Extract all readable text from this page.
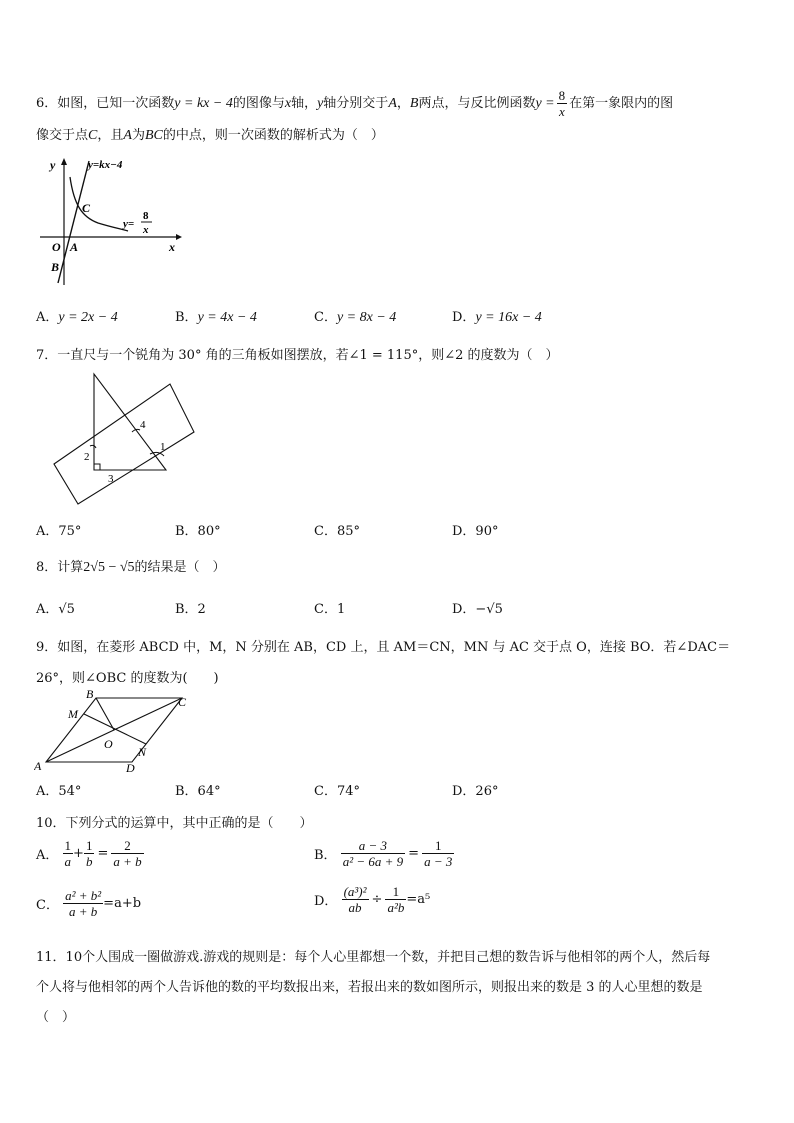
6．如图，已知一次函数y = kx − 4的图像与x轴，y轴分别交于A，B两点，与反比例函数$y = \frac{8}{x}$ 在第一象限内的图
像交于点C，且A为BC的中点，则一次函数的解析式为（　）
y	y=kx−4
C
y=
8
x
x
O A
B
A．y = 2x − 4	B．y = 4x − 4	C．y = 8x − 4	D．y = 16x − 4
7．一直尺与一个锐角为 30° 角的三角板如图摆放，若∠1 = 115°，则∠2 的度数为（　）
4
1
2
3
A．75°	B．80°	C．85°	D．90°
8．计算2√5 − √5的结果是（　）
A．√5	B．2	C．1	D．−√5
9．如图，在菱形 ABCD 中，M，N 分别在 AB，CD 上，且 AM＝CN，MN 与 AC 交于点 O，连接 BO．若∠DAC＝
26°，则∠OBC 的度数为(　　)
A
B
C
D
M
N
O
A．54°	B．64°	C．74°	D．26°
10．下列分式的运算中，其中正确的是（　　）
A． $\frac{1}{a} + \frac{1}{b} = \frac{2}{a + b}$	B． $\frac{a - 3}{\text{a² − 6a + 9}} = \frac{1}{a - 3}$
C． $\frac{\text{a² + b²}}{a + b} =a+b$	D． $\frac{\text{(a³)²}}{ab} \div \frac{1}{\text{a²b}} =a^5$
11．10个人围成一圈做游戏.游戏的规则是：每个人心里都想一个数，并把目己想的数告诉与他相邻的两个人，然后每
个人将与他相邻的两个人告诉他的数的平均数报出来，若报出来的数如图所示，则报出来的数是 3 的人心里想的数是
（　）
